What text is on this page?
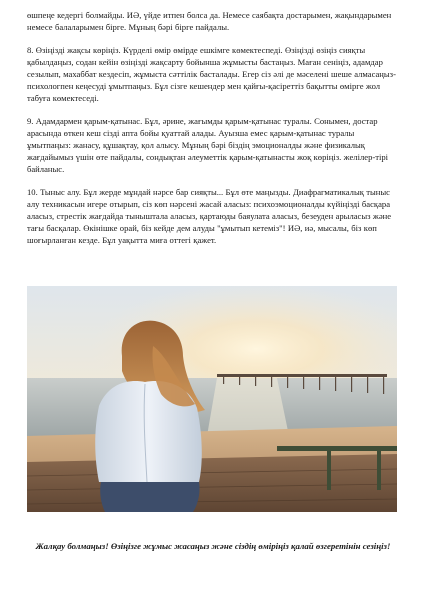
өшпеңе кедергі болмайды. ИӘ, үйде итпен болса да. Немесе саябақта достарымен, жақындарымен немесе балаларымен бірге. Мұның бәрі бірге пайдалы.

8. Өзіңізді жақсы көріңіз. Күрделі өмір өмірде ешкімге көмектеспеді. Өзіңізді өзіңіз сияқты қабылдаңыз, содан кейін өзіңізді жақсарту бойынша жұмысты бастаңыз. Маған сеніңіз, адамдар сезылып, махаббат кездесіп, жұмыста сәттілік басталады. Егер сіз әлі де мәселені шеше алмасаңыз-психологпен кеңесуді ұмытпаңыз. Бұл сізге кешендер мен қайғы-қасіреттіз бақытты өмірге жол табуға көмектеседі.

9. Адамдармен қарым-қатынас. Бұл, әрине, жағымды қарым-қатынас туралы. Сонымен, достар арасында өткен кеш сізді апта бойы қуаттай алады. Ауызша емес қарым-қатынас туралы ұмытпаңыз: жанасу, құшақтау, қол алысу. Мұның бәрі біздің эмоционалды және физикалық жағдайымыз үшін өте пайдалы, сондықтан әлеуметтік қарым-қатынасты жоқ көріңіз. желілер-тірі байланыс.

10. Тыныс алу. Бұл жерде мұндай нәрсе бар сияқты... Бұл өте маңызды. Диафрагматикалық тыныс алу техникасын игере отырып, сіз көп нәрсені жасай аласыз: психоэмоционалды күйіңізді басқара аласыз, стрестік жағдайда тыныштала аласыз, қартаюды баяулата аласыз, безеуден арыласыз және тағы басқалар. Өкінішке орай, біз кейде дем алуды "ұмытып кетеміз"! ИӘ, иә, мысалы, біз көп шоғырланған кезде. Бұл уақытта миға оттегі қажет.

Жалқау болмаңыз! Өзіңізге жұмыс жасаңыз және сіздің өміріңіз қалай өзгеретінін сезіңіз!
